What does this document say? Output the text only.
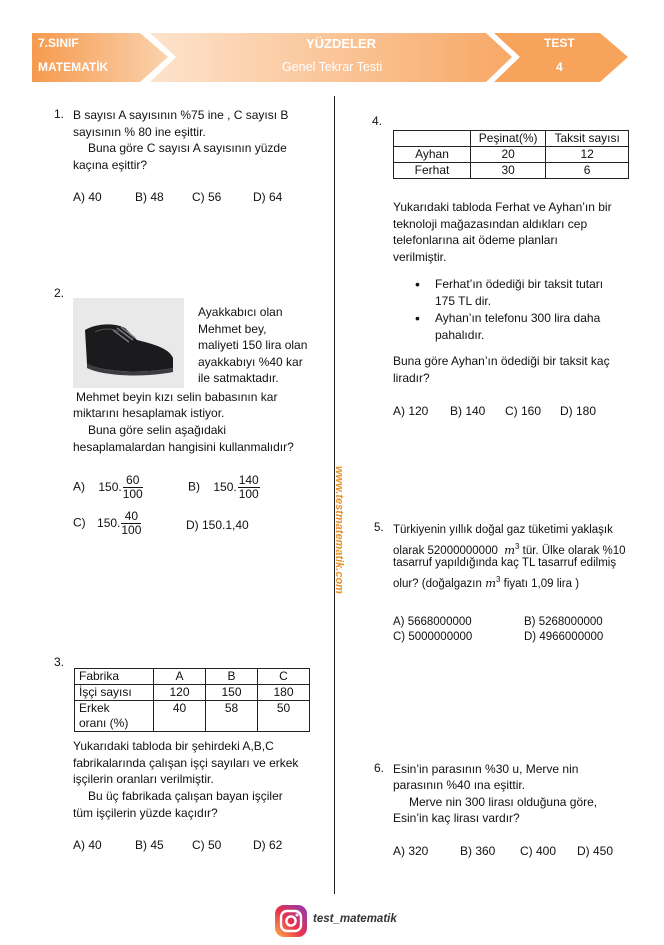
7.SINIF
MATEMATİK
YÜZDELER
Genel Tekrar Testi
TEST
4
www.testmatematik.com
1. B sayısı A sayısının %75 ine , C sayısı B
sayısının % 80 ine eşittir.
Buna göre C sayısı A sayısının yüzde
kaçına eşittir?
A) 40	B) 48 C) 56	D) 64
2.
Ayakkabıcı olan
Mehmet bey,
maliyeti 150 lira olan
ayakkabıyı %40 kar
ile satmaktadır.
Mehmet beyin kızı selin babasının kar
miktarını hesaplamak istiyor.
Buna göre selin aşağıdaki
hesaplamalardan hangisini kullanmalıdır?
A) 150. $\frac{60}{100}$	B) 150. $\frac{140}{100}$
C) 150. $\frac{40}{100}$	D) 150.1,40
3.
Fabrika	A	B	C
İşçi sayısı	120	150	180

Erkek
oranı (%)	40	58	50
Yukarıdaki tabloda bir şehirdeki A,B,C
fabrikalarında çalışan işçi sayıları ve erkek
işçilerin oranları verilmiştir.
Bu üç fabrikada çalışan bayan işçiler
tüm işçilerin yüzde kaçıdır?
A) 40	B) 45 C) 50	D) 62
4.
	Peşinat(%)	Taksit sayısı
Ayhan	20	12
Ferhat	30	6
Yukarıdaki tabloda Ferhat ve Ayhan’ın bir
teknoloji mağazasından aldıkları cep
telefonlarına ait ödeme planları
verilmiştir.
• Ferhat’ın ödediği bir taksit tutarı
175 TL dir.
• Ayhan’ın telefonu 300 lira daha
pahalıdır.
Buna göre Ayhan’ın ödediği bir taksit kaç
liradır?
A) 120 B) 140 C) 160 D) 180
5. Türkiyenin yıllık doğal gaz tüketimi yaklaşık
olarak 52000000000 $m^3$ tür. Ülke olarak %10
tasarruf yapıldığında kaç TL tasarruf edilmiş
olur? (doğalgazın $m^3$ fiyatı 1,09 lira )
A) 5668000000	B) 5268000000
C) 5000000000	D) 4966000000
6. Esin’in parasının %30 u, Merve nin
parasının %40 ına eşittir.
Merve nin 300 lirası olduğuna göre,
Esin’in kaç lirası vardır?
A) 320	B) 360 C) 400 D) 450
test_matematik
